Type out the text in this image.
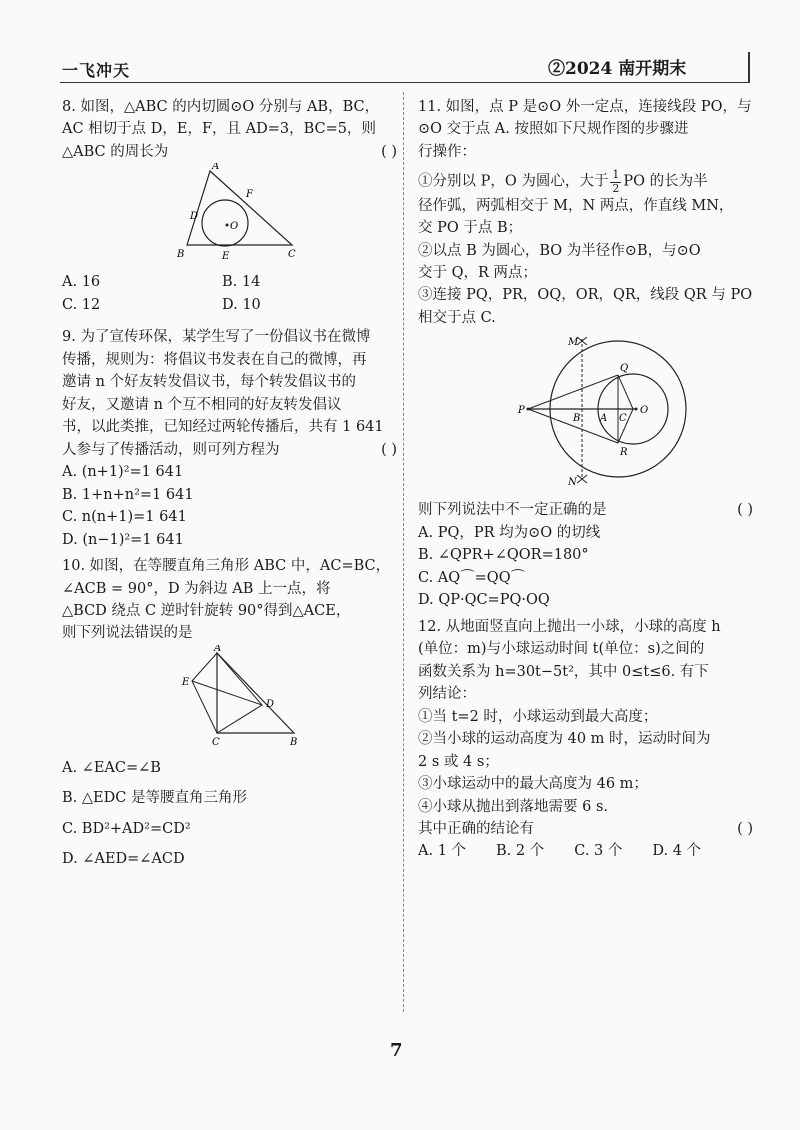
一飞冲天	②2024 南开期末
8. 如图，△ABC 的内切圆⊙O 分别与 AB，BC，
AC 相切于点 D，E，F，且 AD=3，BC=5，则
△ABC 的周长为	( )
A
B	C
D
E
F
O
A. 16	B. 14
C. 12	D. 10
9. 为了宣传环保，某学生写了一份倡议书在微博
传播，规则为：将倡议书发表在自己的微博，再
邀请 n 个好友转发倡议书，每个转发倡议书的
好友，又邀请 n 个互不相同的好友转发倡议
书，以此类推，已知经过两轮传播后，共有 1 641
人参与了传播活动，则可列方程为	( )
A. (n+1)²=1 641
B. 1+n+n²=1 641
C. n(n+1)=1 641
D. (n−1)²=1 641
10. 如图，在等腰直角三角形 ABC 中，AC=BC，
∠ACB = 90°，D 为斜边 AB 上一点，将
△BCD 绕点 C 逆时针旋转 90°得到△ACE，
则下列说法错误的是
A
E
D
C	B
A. ∠EAC=∠B
B. △EDC 是等腰直角三角形
C. BD²+AD²=CD²
D. ∠AED=∠ACD
11. 如图，点 P 是⊙O 外一定点，连接线段 PO，与
⊙O 交于点 A. 按照如下尺规作图的步骤进
行操作：
①分别以 P，O 为圆心，大于 $\frac{1}{2}$ PO 的长为半
径作弧，两弧相交于 M，N 两点，作直线 MN，
交 PO 于点 B；
②以点 B 为圆心，BO 为半径作⊙B，与⊙O
交于 Q，R 两点；
③连接 PQ，PR，OQ，OR，QR，线段 QR 与 PO
相交于点 C.
M
N
P
Q
R
B A C
O
则下列说法中不一定正确的是	( )
A. PQ，PR 均为⊙O 的切线
B. ∠QPR+∠QOR=180°
C. AQ⌒=QQ⌒
D. QP·QC=PQ·OQ
12. 从地面竖直向上抛出一小球，小球的高度 h
(单位：m)与小球运动时间 t(单位：s)之间的
函数关系为 h=30t−5t²，其中 0≤t≤6. 有下
列结论：
①当 t=2 时，小球运动到最大高度；
②当小球的运动高度为 40 m 时，运动时间为
2 s 或 4 s；
③小球运动中的最大高度为 46 m；
④小球从抛出到落地需要 6 s.
其中正确的结论有	( )
A. 1 个 B. 2 个 C. 3 个 D. 4 个
7
